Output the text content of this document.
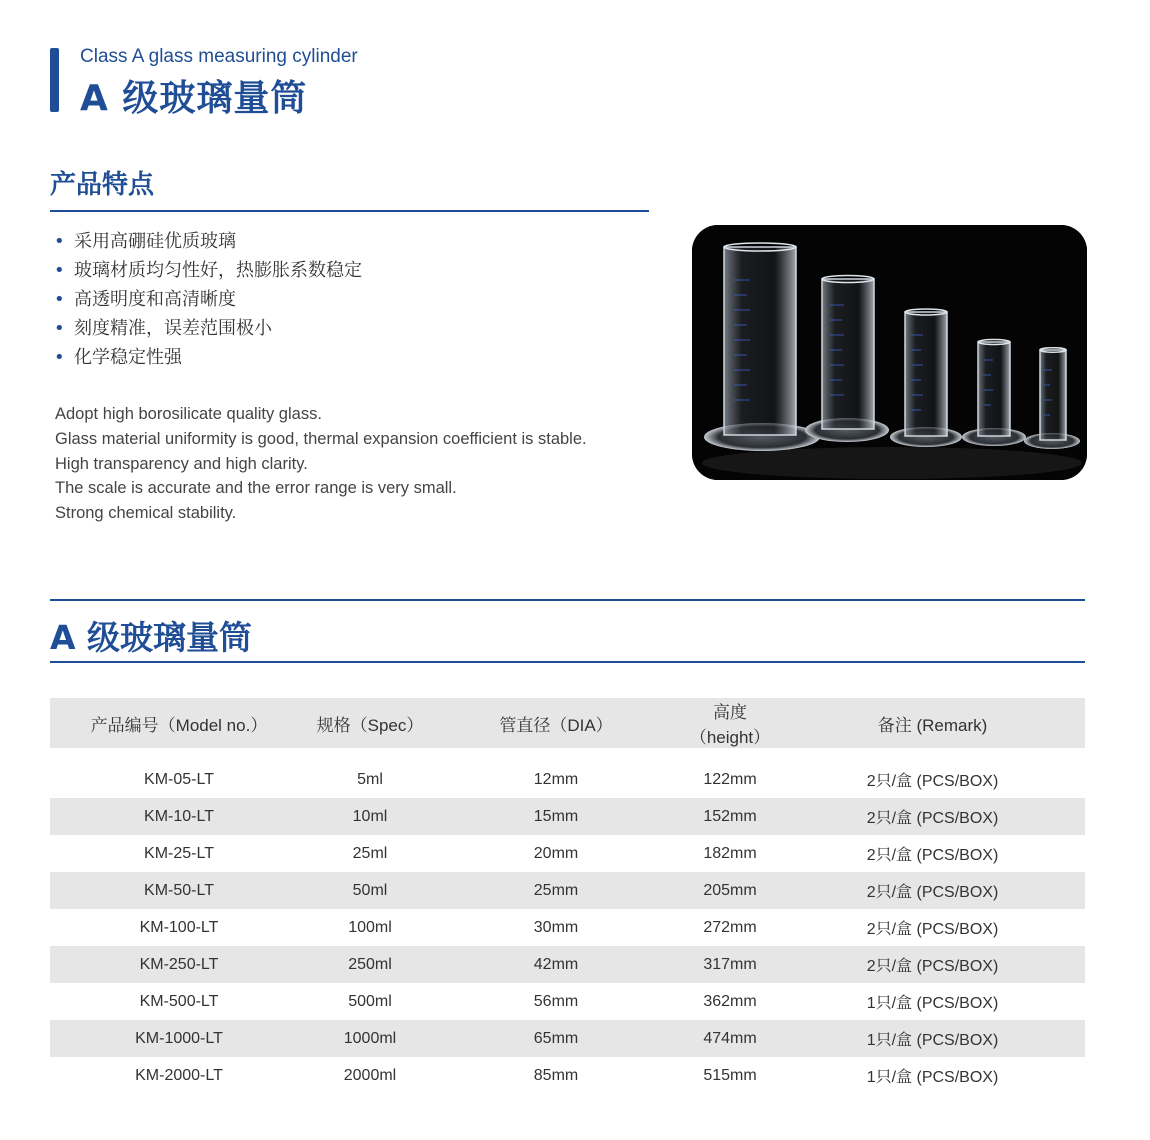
Class A glass measuring cylinder
A 级玻璃量筒
产品特点
• 采用高硼硅优质玻璃
• 玻璃材质均匀性好，热膨胀系数稳定
• 高透明度和高清晰度
• 刻度精准，误差范围极小
• 化学稳定性强
Adopt high borosilicate quality glass.
Glass material uniformity is good, thermal expansion coefficient is stable.
High transparency and high clarity.
The scale is accurate and the error range is very small.
Strong chemical stability.
A 级玻璃量筒
产品编号（Model no.）	规格（Spec）	管直径（DIA）	高度（height）	备注 (Remark)

KM-05-LT	5ml	12mm	122mm	2只/盒 (PCS/BOX)
KM-10-LT	10ml	15mm	152mm	2只/盒 (PCS/BOX)
KM-25-LT	25ml	20mm	182mm	2只/盒 (PCS/BOX)
KM-50-LT	50ml	25mm	205mm	2只/盒 (PCS/BOX)
KM-100-LT	100ml	30mm	272mm	2只/盒 (PCS/BOX)
KM-250-LT	250ml	42mm	317mm	2只/盒 (PCS/BOX)
KM-500-LT	500ml	56mm	362mm	1只/盒 (PCS/BOX)
KM-1000-LT	1000ml	65mm	474mm	1只/盒 (PCS/BOX)
KM-2000-LT	2000ml	85mm	515mm	1只/盒 (PCS/BOX)
